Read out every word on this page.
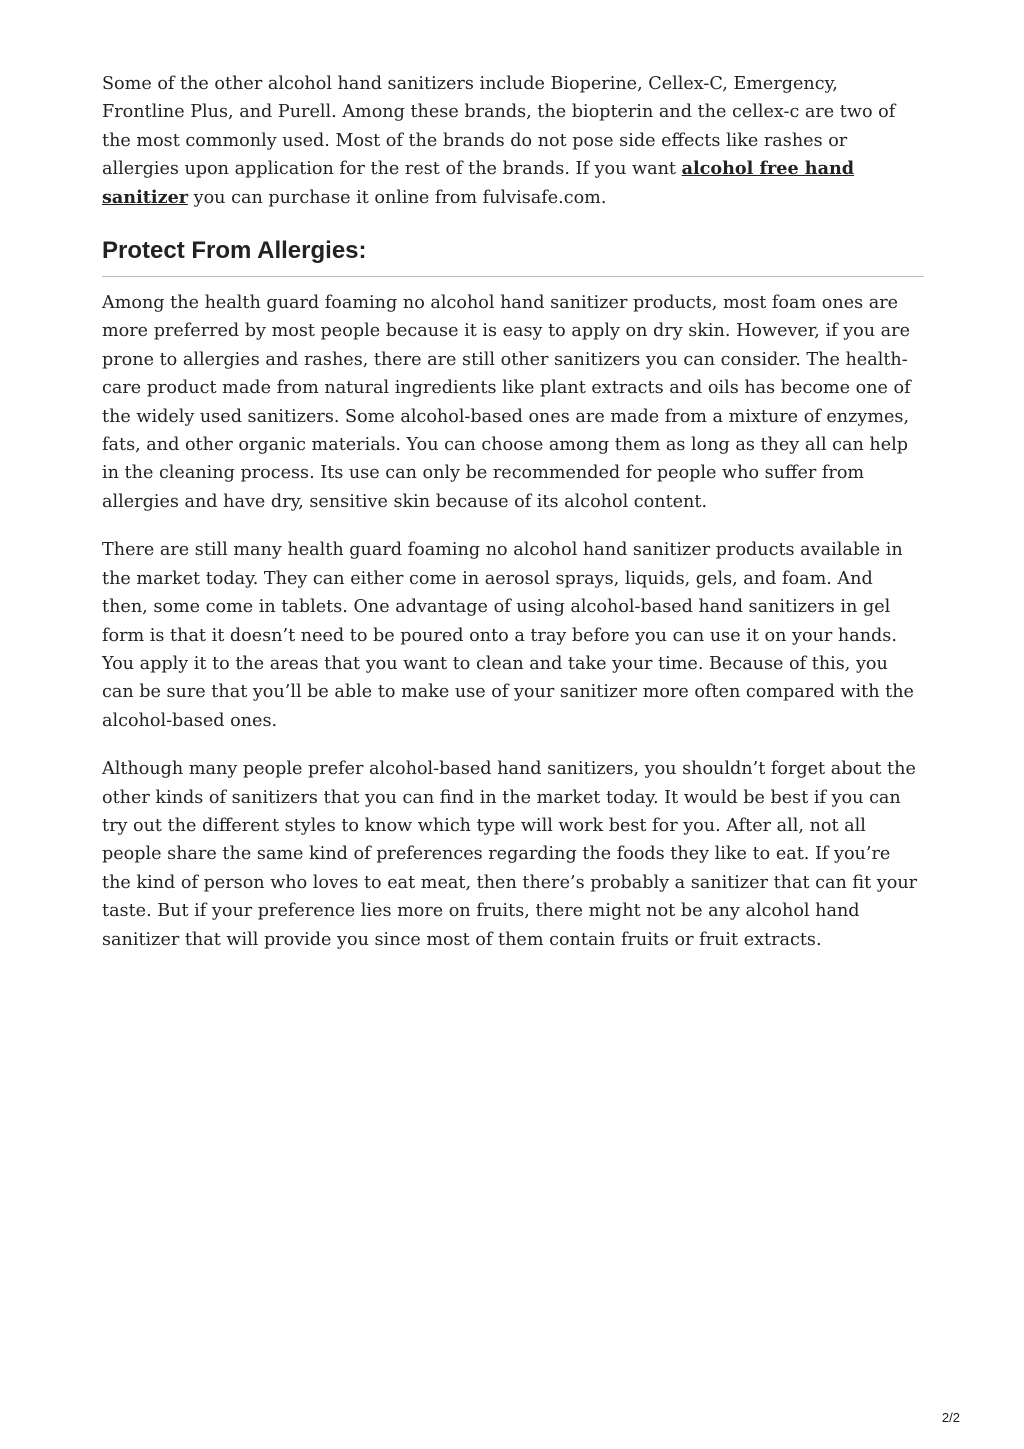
Some of the other alcohol hand sanitizers include Bioperine, Cellex-C, Emergency, Frontline Plus, and Purell. Among these brands, the biopterin and the cellex-c are two of the most commonly used. Most of the brands do not pose side effects like rashes or allergies upon application for the rest of the brands. If you want alcohol free hand sanitizer you can purchase it online from fulvisafe.com.

Protect From Allergies:

Among the health guard foaming no alcohol hand sanitizer products, most foam ones are more preferred by most people because it is easy to apply on dry skin. However, if you are prone to allergies and rashes, there are still other sanitizers you can consider. The health-care product made from natural ingredients like plant extracts and oils has become one of the widely used sanitizers. Some alcohol-based ones are made from a mixture of enzymes, fats, and other organic materials. You can choose among them as long as they all can help in the cleaning process. Its use can only be recommended for people who suffer from allergies and have dry, sensitive skin because of its alcohol content.

There are still many health guard foaming no alcohol hand sanitizer products available in the market today. They can either come in aerosol sprays, liquids, gels, and foam. And then, some come in tablets. One advantage of using alcohol-based hand sanitizers in gel form is that it doesn’t need to be poured onto a tray before you can use it on your hands. You apply it to the areas that you want to clean and take your time. Because of this, you can be sure that you’ll be able to make use of your sanitizer more often compared with the alcohol-based ones.

Although many people prefer alcohol-based hand sanitizers, you shouldn’t forget about the other kinds of sanitizers that you can find in the market today. It would be best if you can try out the different styles to know which type will work best for you. After all, not all people share the same kind of preferences regarding the foods they like to eat. If you’re the kind of person who loves to eat meat, then there’s probably a sanitizer that can fit your taste. But if your preference lies more on fruits, there might not be any alcohol hand sanitizer that will provide you since most of them contain fruits or fruit extracts.

2/2
